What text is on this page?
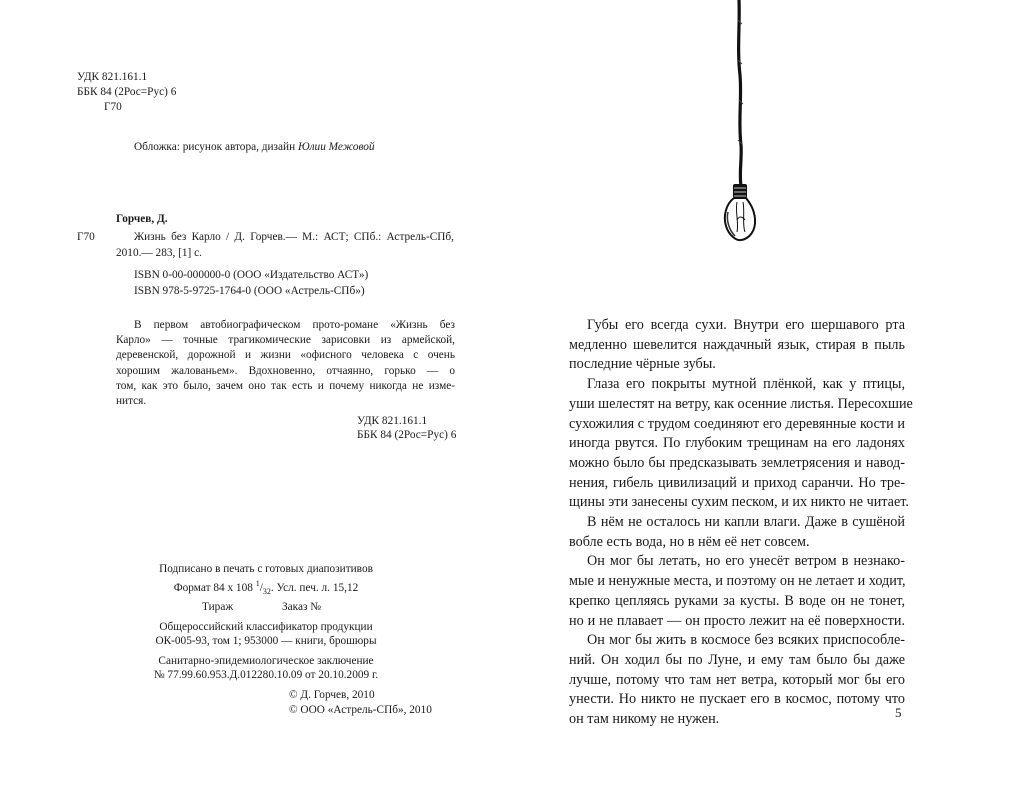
УДК 821.161.1
ББК 84 (2Рос=Рус) 6
Г70
Обложка: рисунок автора, дизайн Юлии Межовой
Горчев, Д.
Г70	Жизнь без Карло / Д. Горчев.— М.: АСТ; СПб.: Астрель-СПб,
2010.— 283, [1] с.
ISBN 0-00-000000-0 (ООО «Издательство АСТ»)
ISBN 978-5-9725-1764-0 (ООО «Астрель-СПб»)
В первом автобиографическом прото-романе «Жизнь без
Карло» — точные трагикомические зарисовки из армейской,
деревенской, дорожной и жизни «офисного человека с очень
хорошим жалованьем». Вдохновенно, отчаянно, горько — о
том, как это было, зачем оно так есть и почему никогда не изме-
нится.
УДК 821.161.1
ББК 84 (2Рос=Рус) 6
Подписано в печать с готовых диапозитивов
Формат 84 х 108 $^1/_{32}$. Усл. печ. л. 15,12
Тираж	Заказ №
Общероссийский классификатор продукции
ОК-005-93, том 1; 953000 — книги, брошюры
Санитарно-эпидемиологическое заключение
№ 77.99.60.953.Д.012280.10.09 от 20.10.2009 г.
© Д. Горчев, 2010
© ООО «Астрель-СПб», 2010

Губы его всегда сухи. Внутри его шершавого рта
медленно шевелится наждачный язык, стирая в пыль
последние чёрные зубы.

Глаза его покрыты мутной плёнкой, как у птицы,
уши шелестят на ветру, как осенние листья. Пересохшие
сухожилия с трудом соединяют его деревянные кости и
иногда рвутся. По глубоким трещинам на его ладонях
можно было бы предсказывать землетрясения и навод-
нения, гибель цивилизаций и приход саранчи. Но тре-
щины эти занесены сухим песком, и их никто не читает.

В нём не осталось ни капли влаги. Даже в сушёной
вобле есть вода, но в нём её нет совсем.

Он мог бы летать, но его унесёт ветром в незнако-
мые и ненужные места, и поэтому он не летает и ходит,
крепко цепляясь руками за кусты. В воде он не тонет,
но и не плавает — он просто лежит на её поверхности.

Он мог бы жить в космосе без всяких приспособле-
ний. Он ходил бы по Луне, и ему там было бы даже
лучше, потому что там нет ветра, который мог бы его
унести. Но никто не пускает его в космос, потому что
он там никому не нужен.	5
